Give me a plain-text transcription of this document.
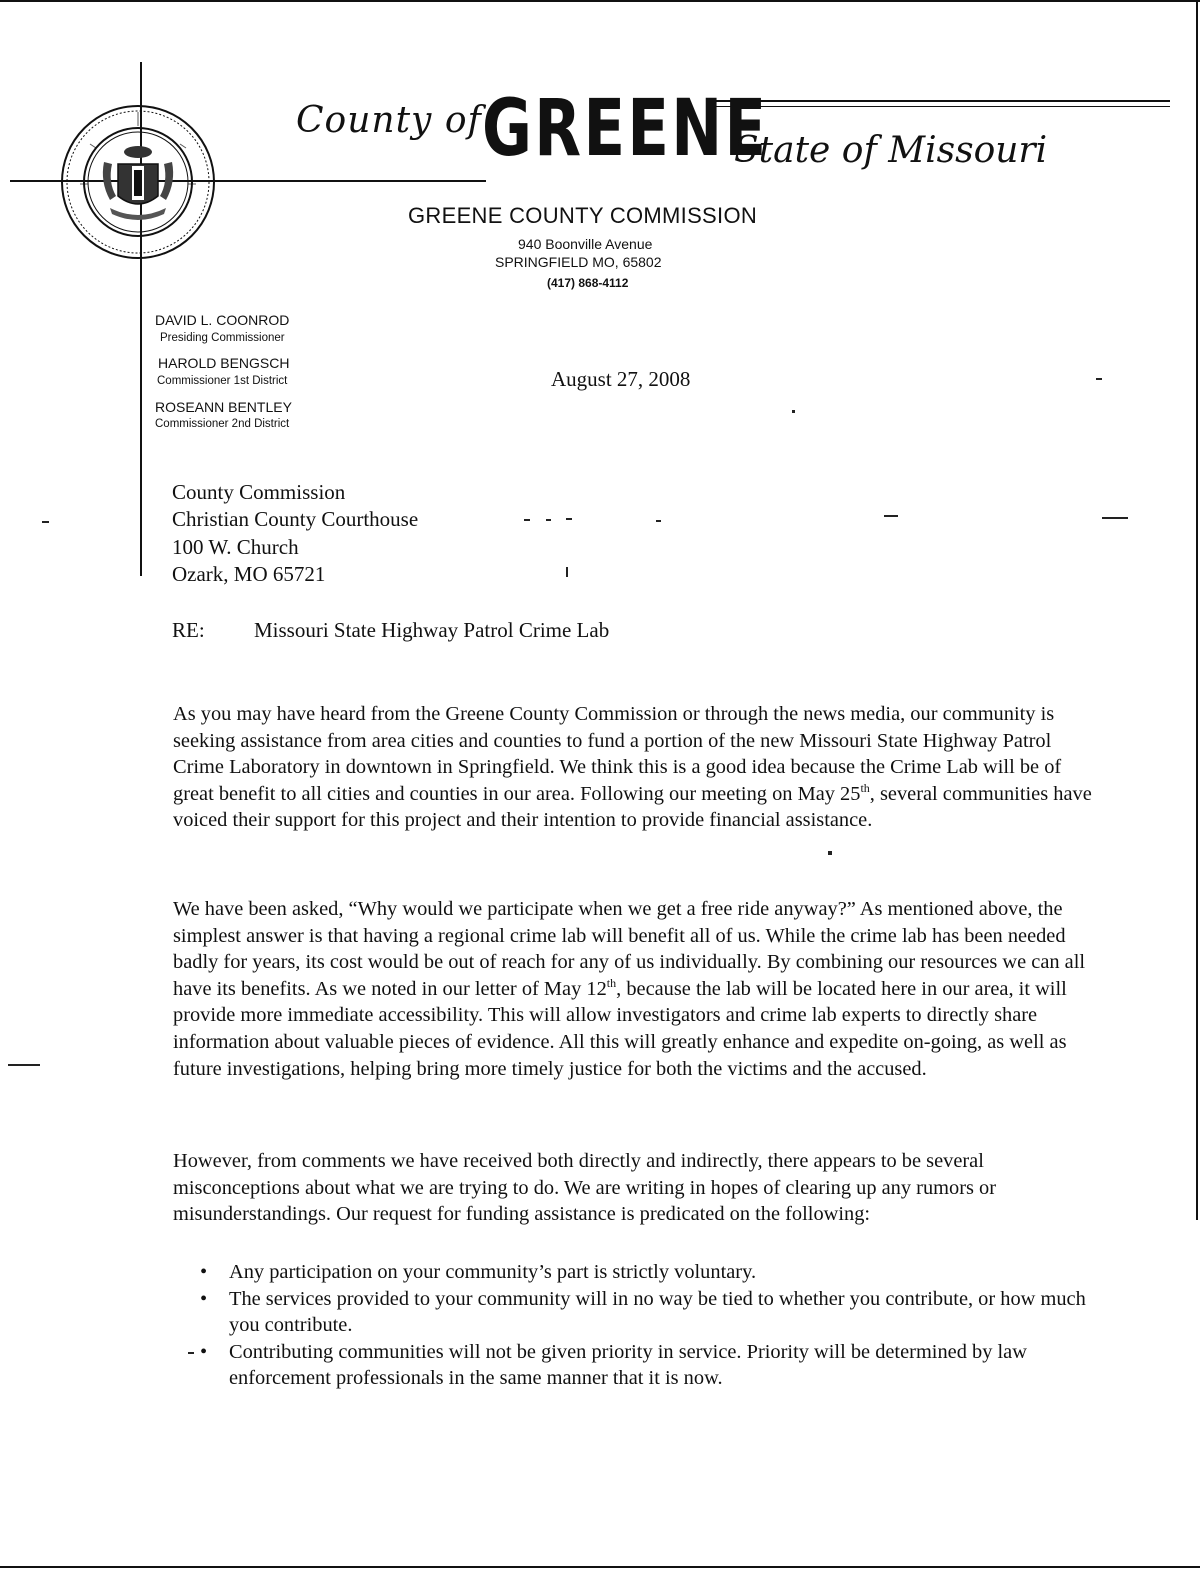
County of GREENE
State of Missouri
GREENE COUNTY COMMISSION
940 Boonville Avenue
SPRINGFIELD MO, 65802
(417) 868-4112
DAVID L. COONROD
Presiding Commissioner
HAROLD BENGSCH
Commissioner 1st District
ROSEANN BENTLEY
Commissioner 2nd District
August 27, 2008
County Commission
Christian County Courthouse
100 W. Church
Ozark, MO 65721
RE: Missouri State Highway Patrol Crime Lab
As you may have heard from the Greene County Commission or through the news media, our community is seeking assistance from area cities and counties to fund a portion of the new Missouri State Highway Patrol Crime Laboratory in downtown in Springfield. We think this is a good idea because the Crime Lab will be of great benefit to all cities and counties in our area. Following our meeting on May 25th, several communities have voiced their support for this project and their intention to provide financial assistance.
We have been asked, “Why would we participate when we get a free ride anyway?” As mentioned above, the simplest answer is that having a regional crime lab will benefit all of us. While the crime lab has been needed badly for years, its cost would be out of reach for any of us individually. By combining our resources we can all have its benefits. As we noted in our letter of May 12th, because the lab will be located here in our area, it will provide more immediate accessibility. This will allow investigators and crime lab experts to directly share information about valuable pieces of evidence. All this will greatly enhance and expedite on-going, as well as future investigations, helping bring more timely justice for both the victims and the accused.
However, from comments we have received both directly and indirectly, there appears to be several misconceptions about what we are trying to do. We are writing in hopes of clearing up any rumors or misunderstandings. Our request for funding assistance is predicated on the following:
• Any participation on your community’s part is strictly voluntary.
• The services provided to your community will in no way be tied to whether you contribute, or how much you contribute.
• Contributing communities will not be given priority in service. Priority will be determined by law enforcement professionals in the same manner that it is now.
